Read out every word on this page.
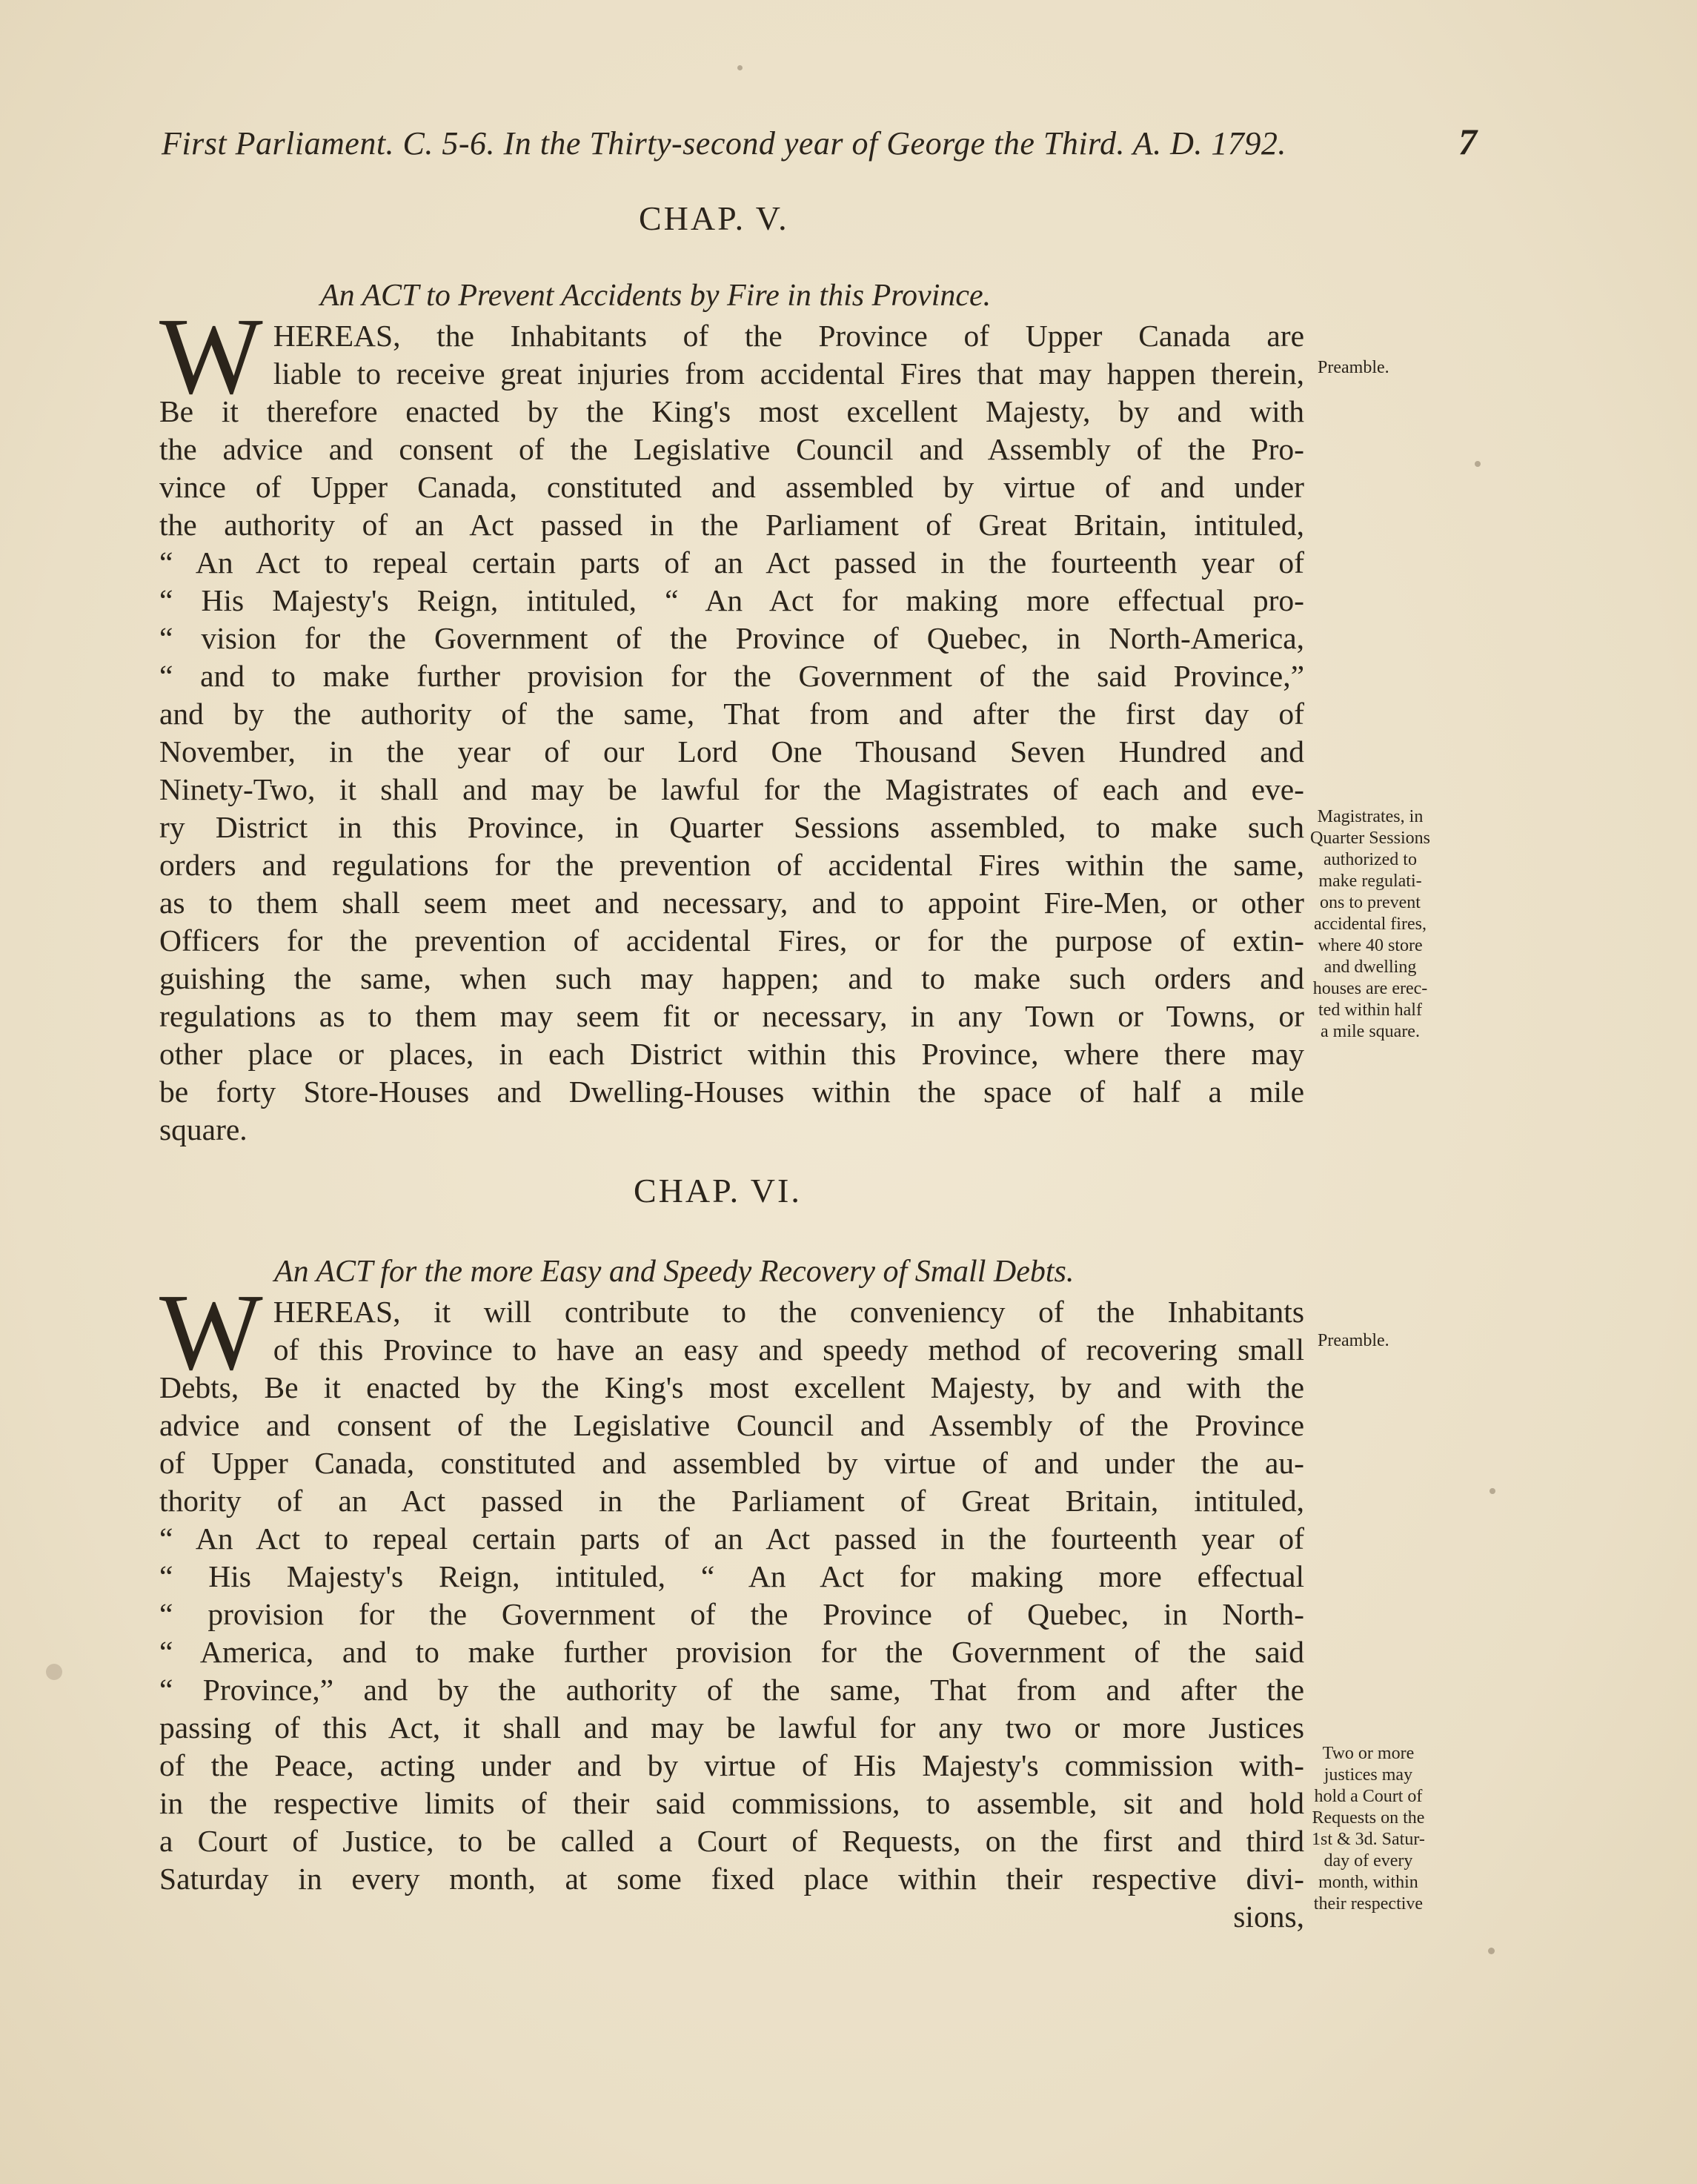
First Parliament. C. 5-6. In the Thirty-second year of George the Third. A. D. 1792.	7
CHAP. V.
An ACT to Prevent Accidents by Fire in this Province.
W HEREAS, the Inhabitants of the Province of Upper Canada are
liable to receive great injuries from accidental Fires that may happen therein,
Be it therefore enacted by the King's most excellent Majesty, by and with
the advice and consent of the Legislative Council and Assembly of the Pro-
vince of Upper Canada, constituted and assembled by virtue of and under
the authority of an Act passed in the Parliament of Great Britain, intituled,
“ An Act to repeal certain parts of an Act passed in the fourteenth year of
“ His Majesty's Reign, intituled, “ An Act for making more effectual pro-
“ vision for the Government of the Province of Quebec, in North-America,
“ and to make further provision for the Government of the said Province,”
and by the authority of the same, That from and after the first day of
November, in the year of our Lord One Thousand Seven Hundred and
Ninety-Two, it shall and may be lawful for the Magistrates of each and eve-
ry District in this Province, in Quarter Sessions assembled, to make such
orders and regulations for the prevention of accidental Fires within the same,
as to them shall seem meet and necessary, and to appoint Fire-Men, or other
Officers for the prevention of accidental Fires, or for the purpose of extin-
guishing the same, when such may happen; and to make such orders and
regulations as to them may seem fit or necessary, in any Town or Towns, or
other place or places, in each District within this Province, where there may
be forty Store-Houses and Dwelling-Houses within the space of half a mile
square.
Preamble.
Magistrates, in
Quarter Sessions
authorized to
make regulati-
ons to prevent
accidental fires,
where 40 store
and dwelling
houses are erec-
ted within half
a mile square.
CHAP. VI.
An ACT for the more Easy and Speedy Recovery of Small Debts.
W HEREAS, it will contribute to the conveniency of the Inhabitants
of this Province to have an easy and speedy method of recovering small
Debts, Be it enacted by the King's most excellent Majesty, by and with the
advice and consent of the Legislative Council and Assembly of the Province
of Upper Canada, constituted and assembled by virtue of and under the au-
thority of an Act passed in the Parliament of Great Britain, intituled,
“ An Act to repeal certain parts of an Act passed in the fourteenth year of
“ His Majesty's Reign, intituled, “ An Act for making more effectual
“ provision for the Government of the Province of Quebec, in North-
“ America, and to make further provision for the Government of the said
“ Province,” and by the authority of the same, That from and after the
passing of this Act, it shall and may be lawful for any two or more Justices
of the Peace, acting under and by virtue of His Majesty's commission with-
in the respective limits of their said commissions, to assemble, sit and hold
a Court of Justice, to be called a Court of Requests, on the first and third
Saturday in every month, at some fixed place within their respective divi-
sions,
Preamble.
Two or more
justices may
hold a Court of
Requests on the
1st & 3d. Satur-
day of every
month, within
their respective
